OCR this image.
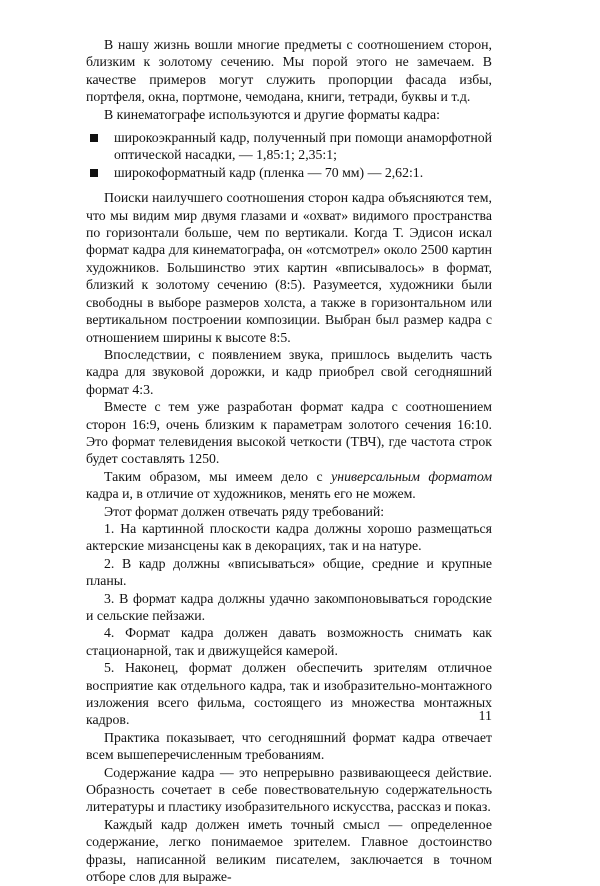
В нашу жизнь вошли многие предметы с соотношением сторон, близким к золотому сечению. Мы порой этого не замечаем. В качестве примеров могут служить пропорции фасада избы, портфеля, окна, портмоне, чемодана, книги, тетради, буквы и т.д.

В кинематографе используются и другие форматы кадра:

широкоэкранный кадр, полученный при помощи анаморфотной оптической насадки, — 1,85:1; 2,35:1;

широкоформатный кадр (пленка — 70 мм) — 2,62:1.

Поиски наилучшего соотношения сторон кадра объясняются тем, что мы видим мир двумя глазами и «охват» видимого пространства по горизонтали больше, чем по вертикали. Когда Т. Эдисон искал формат кадра для кинематографа, он «отсмотрел» около 2500 картин художников. Большинство этих картин «вписывалось» в формат, близкий к золотому сечению (8:5). Разумеется, художники были свободны в выборе размеров холста, а также в горизонтальном или вертикальном построении композиции. Выбран был размер кадра с отношением ширины к высоте 8:5.

Впоследствии, с появлением звука, пришлось выделить часть кадра для звуковой дорожки, и кадр приобрел свой сегодняшний формат 4:3.

Вместе с тем уже разработан формат кадра с соотношением сторон 16:9, очень близким к параметрам золотого сечения 16:10. Это формат телевидения высокой четкости (ТВЧ), где частота строк будет составлять 1250.

Таким образом, мы имеем дело с универсальным форматом кадра и, в отличие от художников, менять его не можем.

Этот формат должен отвечать ряду требований:

1. На картинной плоскости кадра должны хорошо размещаться актерские мизансцены как в декорациях, так и на натуре.

2. В кадр должны «вписываться» общие, средние и крупные планы.

3. В формат кадра должны удачно закомпоновываться городские и сельские пейзажи.

4. Формат кадра должен давать возможность снимать как стационарной, так и движущейся камерой.

5. Наконец, формат должен обеспечить зрителям отличное восприятие как отдельного кадра, так и изобразительно-монтажного изложения всего фильма, состоящего из множества монтажных кадров.

Практика показывает, что сегодняшний формат кадра отвечает всем вышеперечисленным требованиям.

Содержание кадра — это непрерывно развивающееся действие. Образность сочетает в себе повествовательную содержательность литературы и пластику изобразительного искусства, рассказ и показ.

Каждый кадр должен иметь точный смысл — определенное содержание, легко понимаемое зрителем. Главное достоинство фразы, написанной великим писателем, заключается в точном отборе слов для выраже-

11
